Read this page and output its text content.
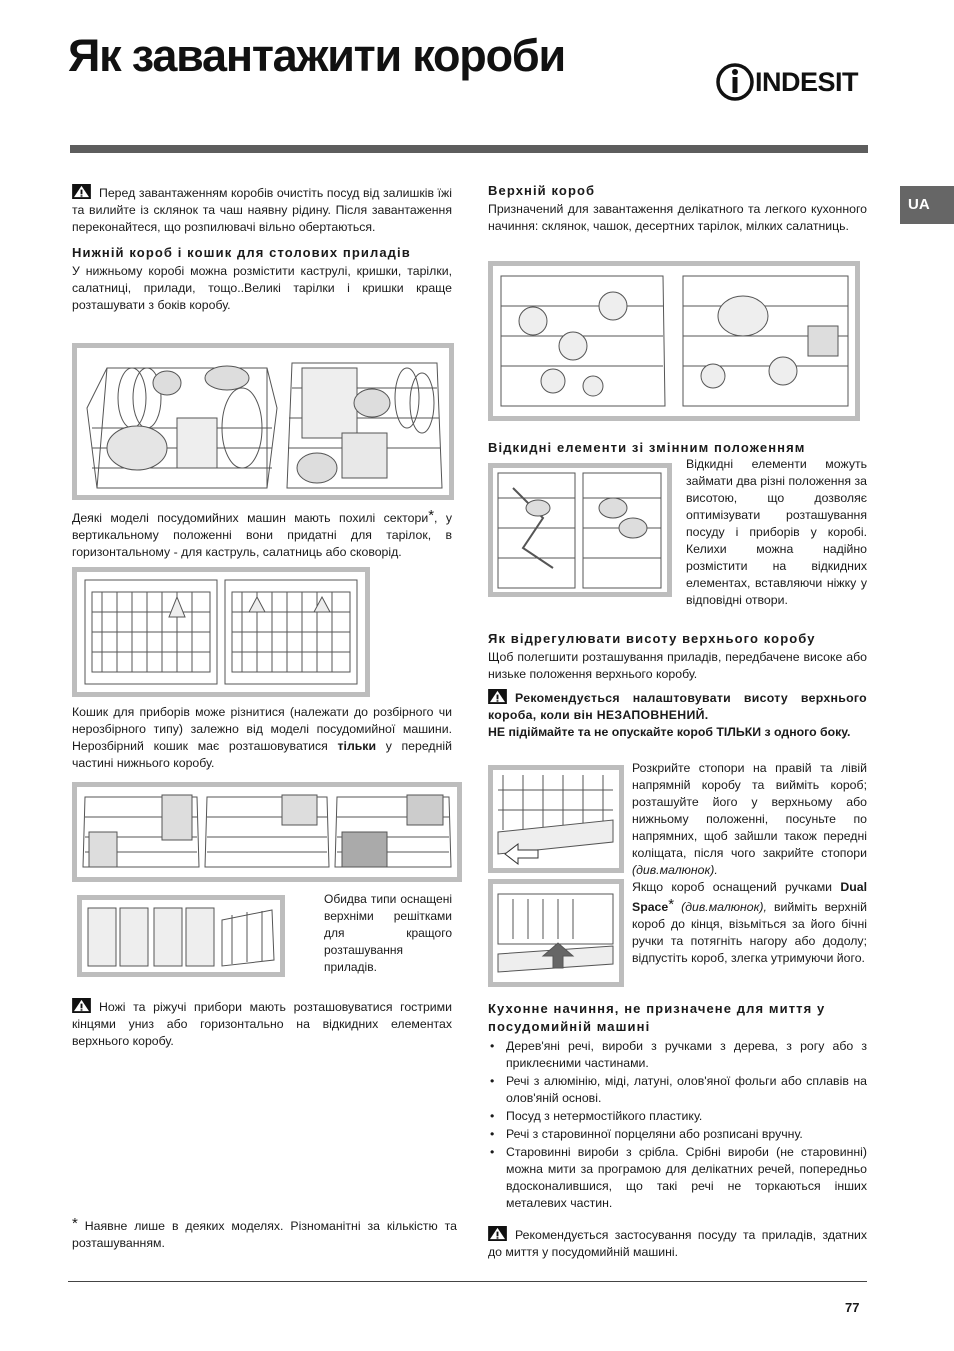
Як завантажити короби
INDESIT
UA

Перед завантаженням коробів очистіть посуд від залишків їжі та вилийте із склянок та чаш наявну рідину. Після завантаження переконайтеся, що розпилювачі вільно обертаються.

Нижній короб і кошик для столових приладів

У нижньому коробі можна розмістити каструлі, кришки, тарілки, салатниці, прилади, тощо..Великі тарілки і кришки краще розташувати з боків коробу.

Деякі моделі посудомийних машин мають похилі сектори*, у вертикальному положенні вони придатні для тарілок, в горизонтальному - для каструль, салатниць або сковорід.

Кошик для приборів може різнитися (належати до розбірного чи нерозбірного типу) залежно від моделі посудомийної машини. Нерозбірний кошик має розташовуватися тільки у передній частині нижнього коробу.

Обидва типи оснащені верхніми решітками для кращого розташування приладів.

Ножі та ріжучі прибори мають розташовуватися гострими кінцями униз або горизонтально на відкидних елементах верхнього коробу.

* Наявне лише в деяких моделях. Різноманітні за кількістю та розташуванням.

Верхній короб

Призначений для завантаження делікатного та легкого кухонного начиння: склянок, чашок, десертних тарілок, мілких салатниць.

Відкидні елементи зі змінним положенням
Відкидні елементи можуть займати два різні положення за висотою, що дозволяє оптимізувати розташування посуду і приборів у коробі. Келихи можна надійно розмістити на відкидних елементах, вставляючи ніжку у відповідні отвори.
Як відрегулювати висоту верхнього коробу

Щоб полегшити розташування приладів, передбачене високе або низьке положення верхнього коробу.

Рекомендується налаштовувати висоту верхнього короба, коли він НЕЗАПОВНЕНИЙ.

НЕ підіймайте та не опускайте короб ТІЛЬКИ з одного боку.

Розкрийте стопори на правій та лівій напрямній коробу та вийміть короб; розташуйте його у верхньому або нижньому положенні, посуньте по напрямних, щоб зайшли також передні коліщата, після чого закрийте стопори (див.малюнок).
Якщо короб оснащений ручками Dual Space* (див.малюнок), вийміть верхній короб до кінця, візьміться за його бічні ручки та потягніть нагору або додолу; відпустіть короб, злегка утримуючи його.
Кухонне начиння, не призначене для миття у посудомийній машині
• Дерев'яні речі, вироби з ручками з дерева, з рогу або з приклеєними частинами.
• Речі з алюмінію, міді, латуні, олов'яної фольги або сплавів на олов'яній основі.
• Посуд з нетермостійкого пластику.
• Речі з старовинної порцеляни або розписані вручну.
• Старовинні вироби з срібла. Срібні вироби (не старовинні) можна мити за програмою для делікатних речей, попередньо вдосконалившися, що такі речі не торкаються інших металевих частин.

Рекомендується застосування посуду та приладів, здатних до миття у посудомийній машині.

77
